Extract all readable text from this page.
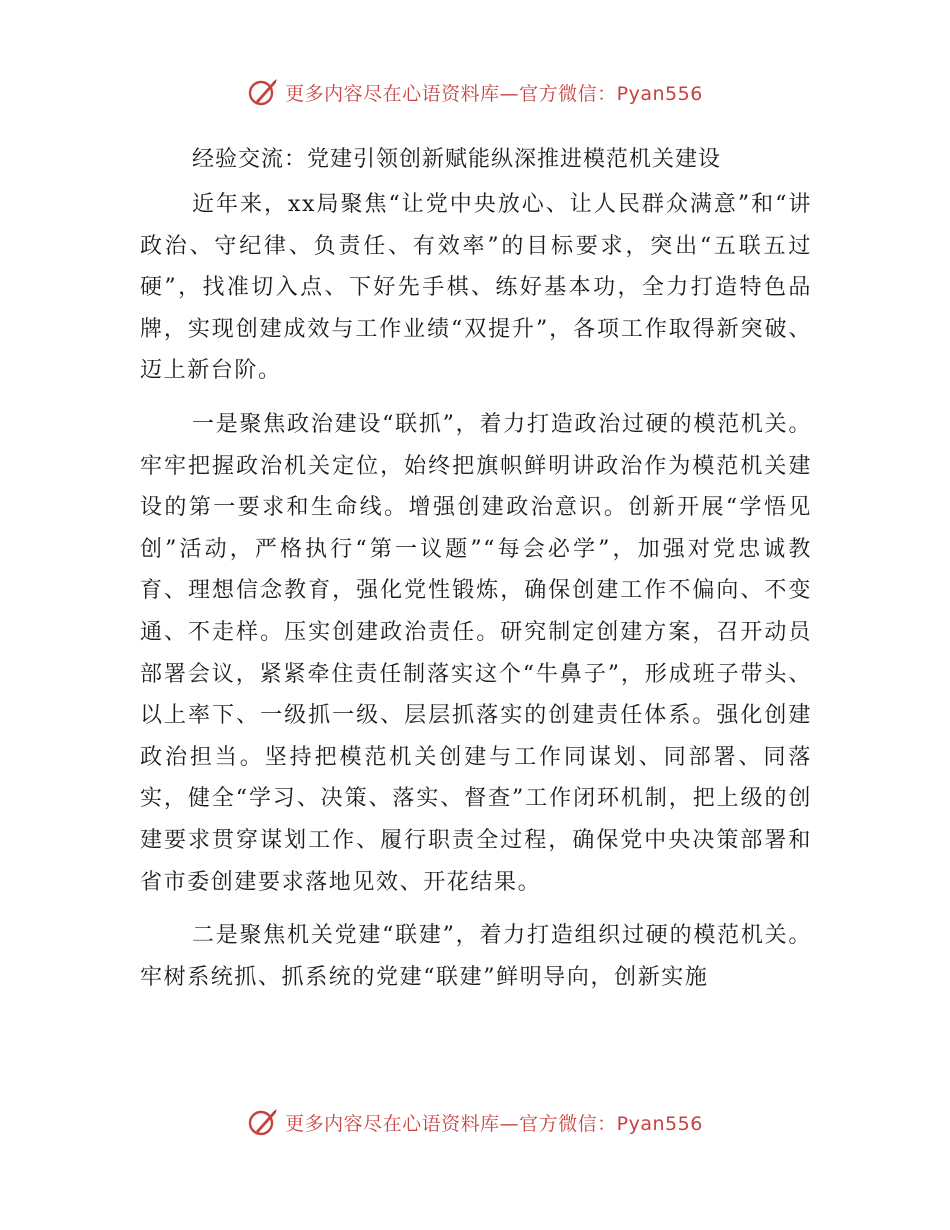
更多内容尽在心语资料库—官方微信：Pyan556
经验交流：党建引领创新赋能纵深推进模范机关建设

近年来，xx局聚焦“让党中央放心、让人民群众满意”和“讲政治、守纪律、负责任、有效率”的目标要求，突出“五联五过硬”，找准切入点、下好先手棋、练好基本功，全力打造特色品牌，实现创建成效与工作业绩“双提升”，各项工作取得新突破、迈上新台阶。

一是聚焦政治建设“联抓”，着力打造政治过硬的模范机关。牢牢把握政治机关定位，始终把旗帜鲜明讲政治作为模范机关建设的第一要求和生命线。增强创建政治意识。创新开展“学悟见创”活动，严格执行“第一议题”“每会必学”，加强对党忠诚教育、理想信念教育，强化党性锻炼，确保创建工作不偏向、不变通、不走样。压实创建政治责任。研究制定创建方案，召开动员部署会议，紧紧牵住责任制落实这个“牛鼻子”，形成班子带头、以上率下、一级抓一级、层层抓落实的创建责任体系。强化创建政治担当。坚持把模范机关创建与工作同谋划、同部署、同落实，健全“学习、决策、落实、督查”工作闭环机制，把上级的创建要求贯穿谋划工作、履行职责全过程，确保党中央决策部署和省市委创建要求落地见效、开花结果。

二是聚焦机关党建“联建”，着力打造组织过硬的模范机关。牢树系统抓、抓系统的党建“联建”鲜明导向，创新实施

更多内容尽在心语资料库—官方微信：Pyan556
